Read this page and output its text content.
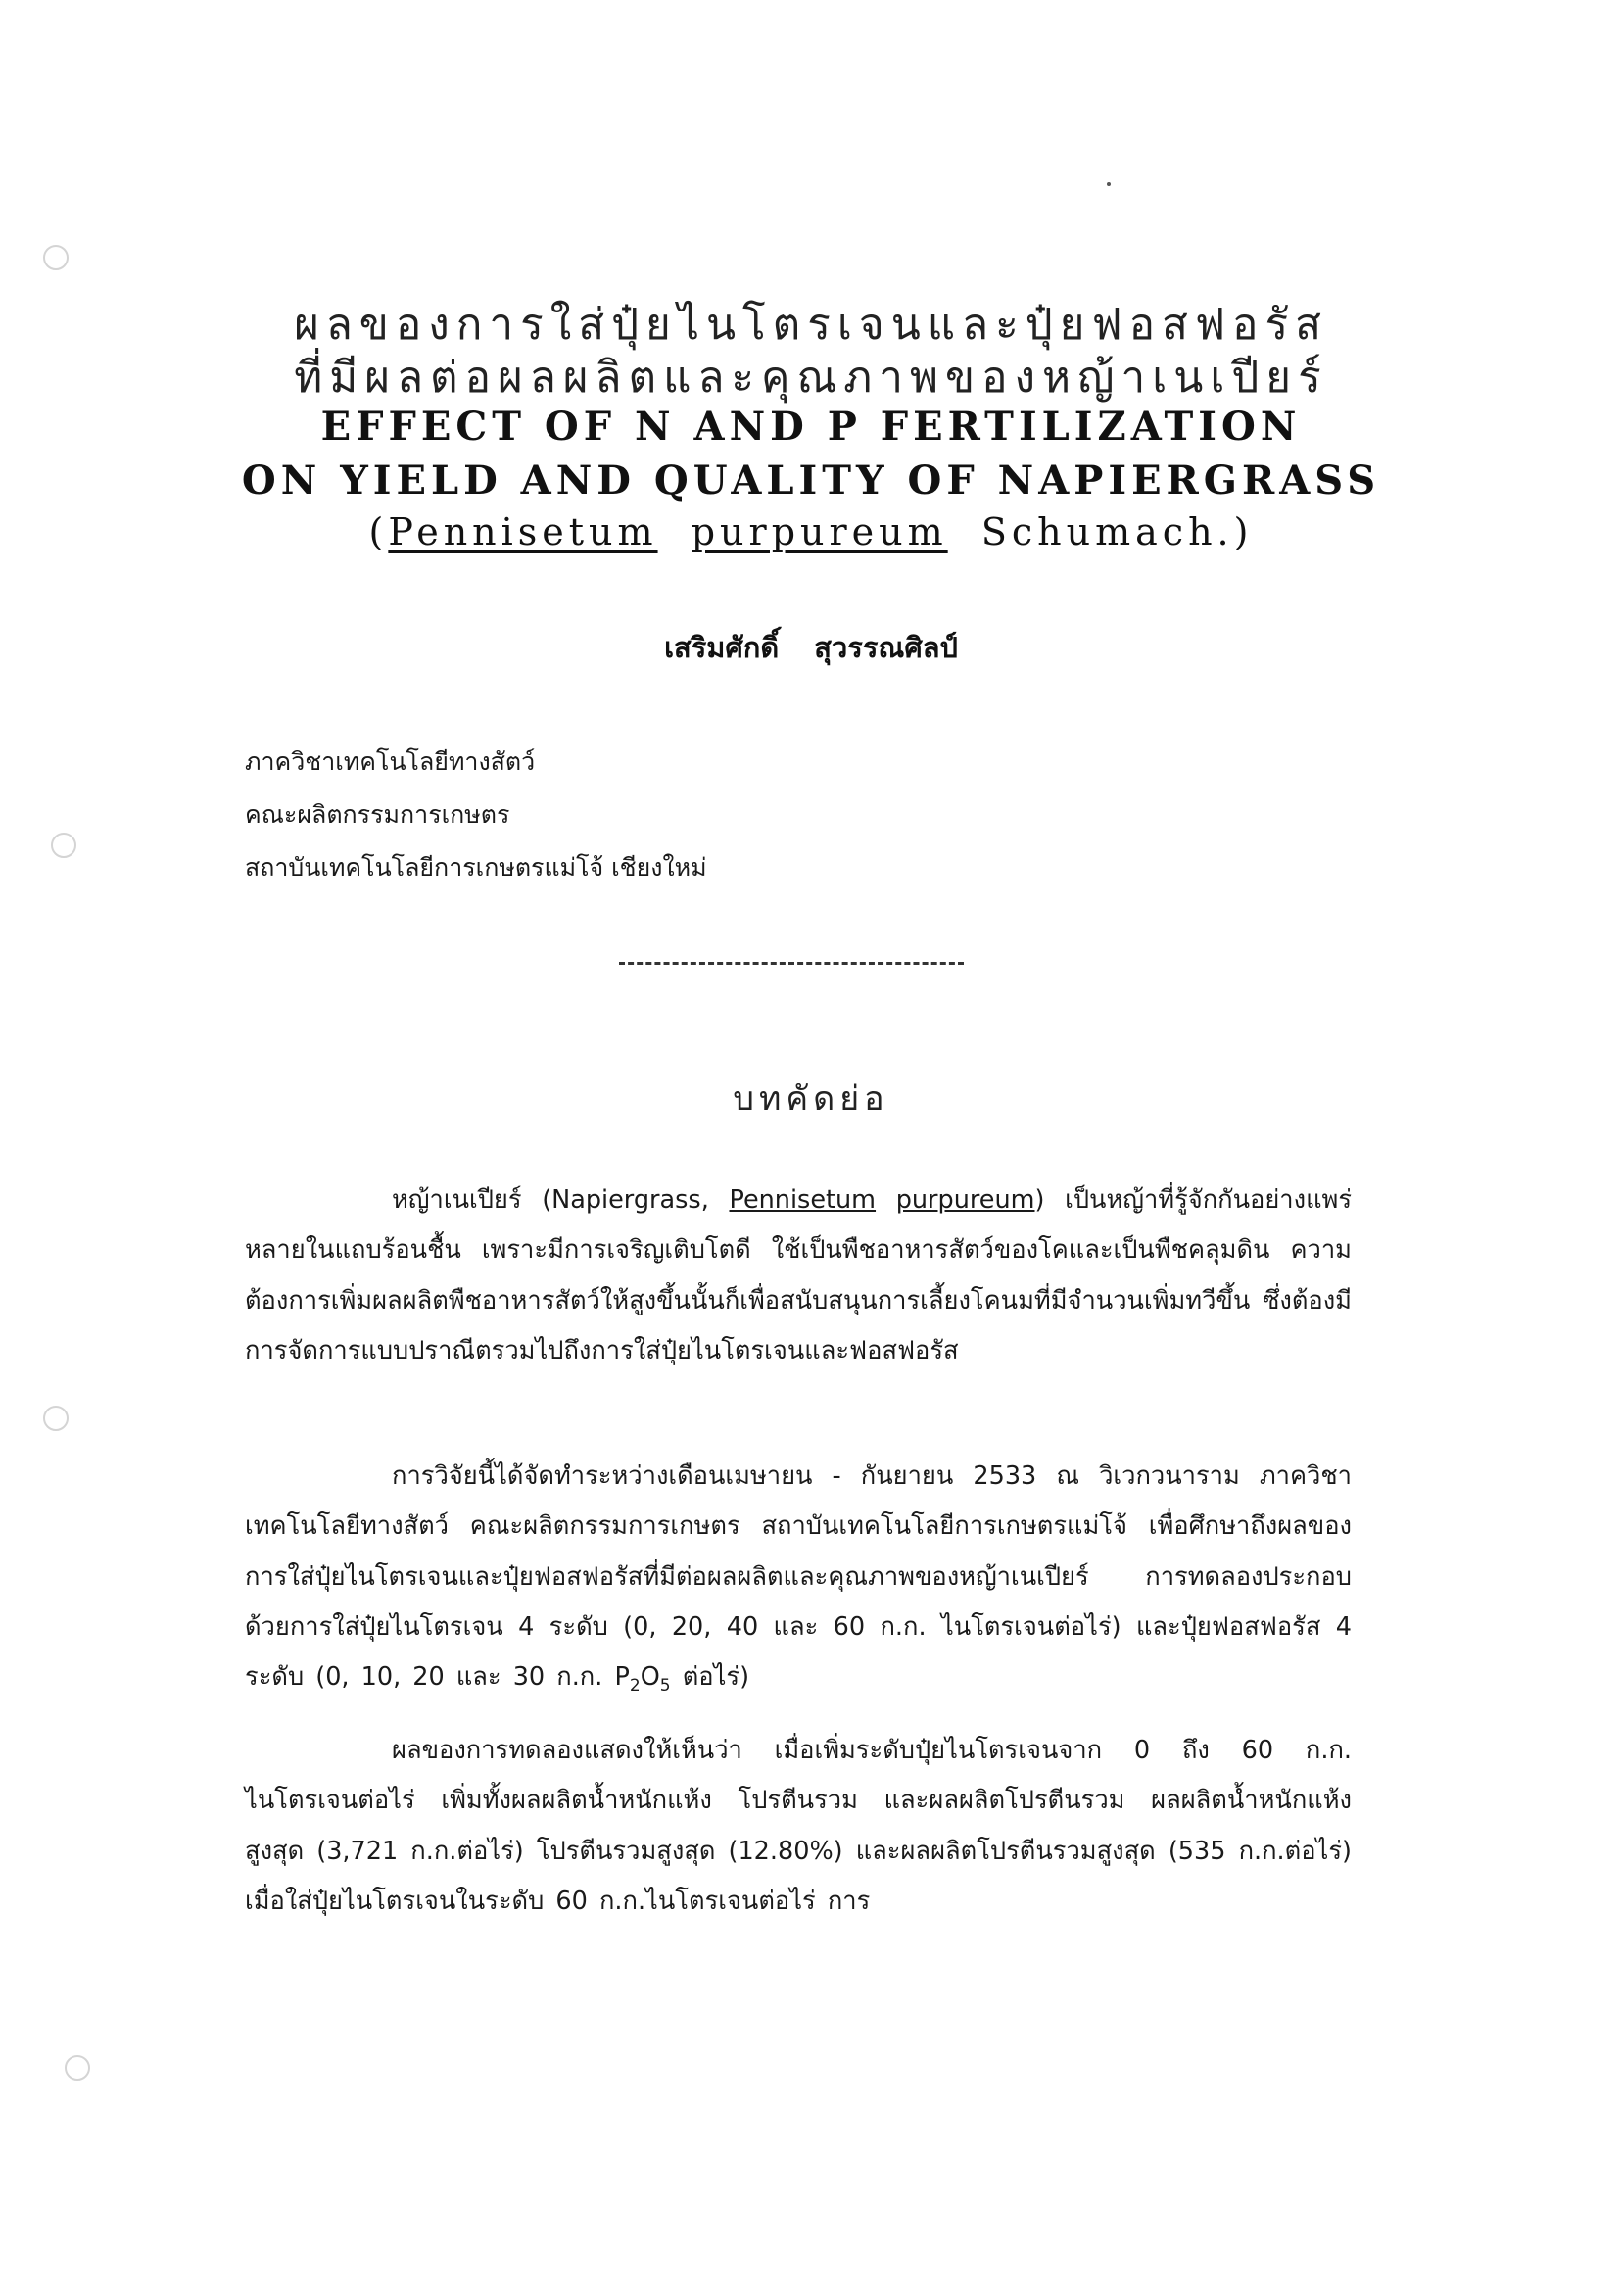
ผลของการใส่ปุ๋ยไนโตรเจนและปุ๋ยฟอสฟอรัส
ที่มีผลต่อผลผลิตและคุณภาพของหญ้าเนเปียร์
EFFECT OF N AND P FERTILIZATION
ON YIELD AND QUALITY OF NAPIERGRASS
(Pennisetum purpureum Schumach.)
เสริมศักดิ์ สุวรรณศิลป์
ภาควิชาเทคโนโลยีทางสัตว์
คณะผลิตกรรมการเกษตร
สถาบันเทคโนโลยีการเกษตรแม่โจ้ เชียงใหม่
บทคัดย่อ
หญ้าเนเปียร์ (Napiergrass, Pennisetum purpureum) เป็นหญ้าที่รู้จักกันอย่างแพร่หลายในแถบร้อนชื้น เพราะมีการเจริญเติบโตดี ใช้เป็นพืชอาหารสัตว์ของโคและเป็นพืชคลุมดิน ความต้องการเพิ่มผลผลิตพืชอาหารสัตว์ให้สูงขึ้นนั้นก็เพื่อสนับสนุนการเลี้ยงโคนมที่มีจำนวนเพิ่มทวีขึ้น ซึ่งต้องมีการจัดการแบบปราณีตรวมไปถึงการใส่ปุ๋ยไนโตรเจนและฟอสฟอรัส
การวิจัยนี้ได้จัดทำระหว่างเดือนเมษายน - กันยายน 2533 ณ วิเวกวนาราม ภาควิชาเทคโนโลยีทางสัตว์ คณะผลิตกรรมการเกษตร สถาบันเทคโนโลยีการเกษตรแม่โจ้ เพื่อศึกษาถึงผลของการใส่ปุ๋ยไนโตรเจนและปุ๋ยฟอสฟอรัสที่มีต่อผลผลิตและคุณภาพของหญ้าเนเปียร์ การทดลองประกอบด้วยการใส่ปุ๋ยไนโตรเจน 4 ระดับ (0, 20, 40 และ 60 ก.ก. ไนโตรเจนต่อไร่) และปุ๋ยฟอสฟอรัส 4 ระดับ (0, 10, 20 และ 30 ก.ก. $P_2O_5$ ต่อไร่)
ผลของการทดลองแสดงให้เห็นว่า เมื่อเพิ่มระดับปุ๋ยไนโตรเจนจาก 0 ถึง 60 ก.ก. ไนโตรเจนต่อไร่ เพิ่มทั้งผลผลิตน้ำหนักแห้ง โปรตีนรวม และผลผลิตโปรตีนรวม ผลผลิตน้ำหนักแห้งสูงสุด (3,721 ก.ก.ต่อไร่) โปรตีนรวมสูงสุด (12.80%) และผลผลิตโปรตีนรวมสูงสุด (535 ก.ก.ต่อไร่) เมื่อใส่ปุ๋ยไนโตรเจนในระดับ 60 ก.ก.ไนโตรเจนต่อไร่ การ
